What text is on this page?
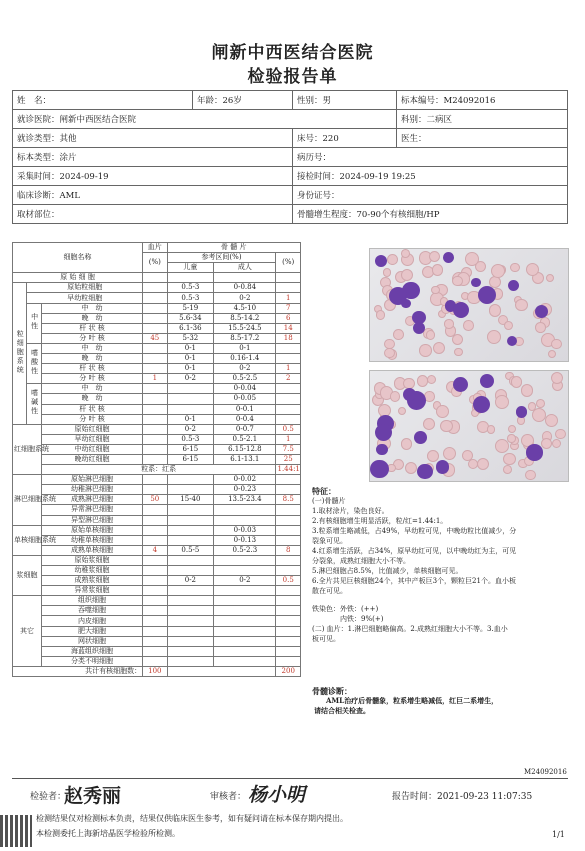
闸新中西医结合医院
检验报告单
姓　名：	年龄：26岁	性别：男	标本编号：M24092016
就诊医院：闸新中西医结合医院			科别：二病区
就诊类型：其他		床号：220	医生：
标本类型：涂片		病历号：	
采集时间：2024-09-19		接检时间：2024-09-19 19:25	
临床诊断：AML		身份证号：	
取材部位：		骨髓增生程度：70-90个有核细胞/HP	
细胞名称			血片	骨 髓 片		
			(%)	参考区间(%)		(%)
				儿童	成人	
原 始 细 胞						
粒细胞系统	原始粒细胞			0.5-3	0-0.84	
	早幼粒细胞			0.5-3	0-2	1
	中性	中　幼		5-19	4.5-10	7
		晚　幼		5.6-34	8.5-14.2	6
		杆 状 核		6.1-36	15.5-24.5	14
		分 叶 核	45	5-32	8.5-17.2	18
	嗜酸性	中　幼		0-1	0-1	
		晚　幼		0-1	0.16-1.4	
		杆 状 核		0-1	0-2	1
		分 叶 核	1	0-2	0.5-2.5	2
	嗜碱性	中　幼			0-0.04	
		晚　幼			0-0.05	
		杆 状 核			0-0.1	
		分 叶 核		0-1	0-0.4	
红细胞系统		原始红细胞		0-2	0-0.7	0.5
		早幼红细胞		0.5-3	0.5-2.1	1
		中幼红细胞		6-15	6.15-12.8	7.5
		晚幼红细胞		6-15	6.1-13.1	25
		粒系：红系				1.44:1
淋巴细胞系统		原始淋巴细胞			0-0.02	
		幼稚淋巴细胞			0-0.23	
		成熟淋巴细胞	50	15-40	13.5-23.4	8.5
		异常淋巴细胞				
		异型淋巴细胞				
单核细胞系统		原始单核细胞			0-0.03	
		幼稚单核细胞			0-0.13	
		成熟单核细胞	4	0.5-5	0.5-2.3	8
浆细胞		原始浆细胞				
		幼稚浆细胞				
		成熟浆细胞		0-2	0-2	0.5
		异常浆细胞				
其它		组织细胞				
		吞噬细胞				
		内皮细胞				
		肥大细胞				
		网状细胞				
		海蓝组织细胞				
		分类不明细胞				
共计有核细胞数：			100			200
特征：
(一)骨髓片
1.取材涂片，染色良好。
2.有核细胞增生明显活跃，粒/红=1.44:1。
3.粒系增生略减低，占49%，早幼粒可见，中晚幼粒比值减少，分
裂象可见。
4.红系增生活跃，占34%，原早幼红可见，以中晚幼红为主，可见
分裂象，成熟红细胞大小不等。
5.淋巴细胞占8.5%，比值减少，单核细胞可见。
6.全片共见巨核细胞24个，其中产板巨3个，颗粒巨21个。血小板
散在可见。
铁染色：外铁：(++)
内铁：9%(+)
(二) 血片：1.淋巴细胞略偏高。2.成熟红细胞大小不等。3.血小
板可见。
骨髓诊断：
AML治疗后骨髓象，粒系增生略减低，红巨二系增生，
请结合相关检查。
M24092016
检验者：
赵秀丽	审核者： 杨小明	报告时间：2021-09-23 11:07:35
检测结果仅对检测标本负责，结果仅供临床医生参考，如有疑问请在标本保存期内提出。
本检测委托上海新培晶医学检验所检测。	1/1
